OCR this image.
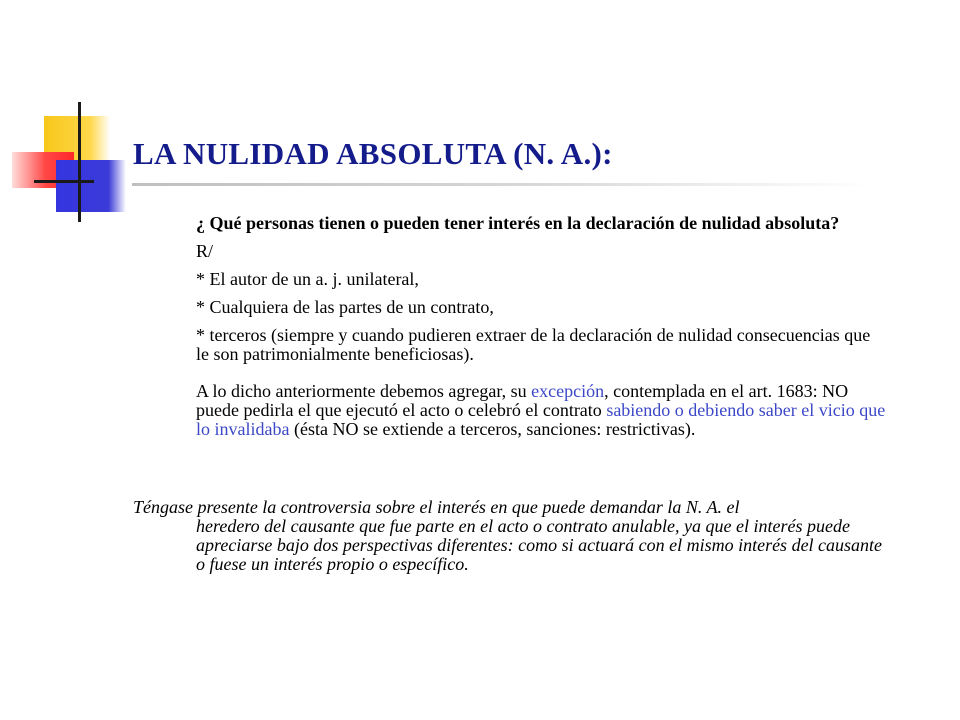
LA NULIDAD ABSOLUTA (N. A.):

¿ Qué personas tienen o pueden tener interés en la declaración de nulidad absoluta?

R/

* El autor de un a. j. unilateral,

* Cualquiera de las partes de un contrato,

* terceros (siempre y cuando pudieren extraer de la declaración de nulidad consecuencias que le son patrimonialmente beneficiosas).

A lo dicho anteriormente debemos agregar, su excepción, contemplada en el art. 1683: NO puede pedirla el que ejecutó el acto o celebró el contrato sabiendo o debiendo saber el vicio que lo invalidaba (ésta NO se extiende a terceros, sanciones: restrictivas).

Téngase presente la controversia sobre el interés en que puede demandar la N. A. el
heredero del causante que fue parte en el acto o contrato anulable, ya que el interés puede apreciarse bajo dos perspectivas diferentes: como si actuará con el mismo interés del causante o fuese un interés propio o específico.
